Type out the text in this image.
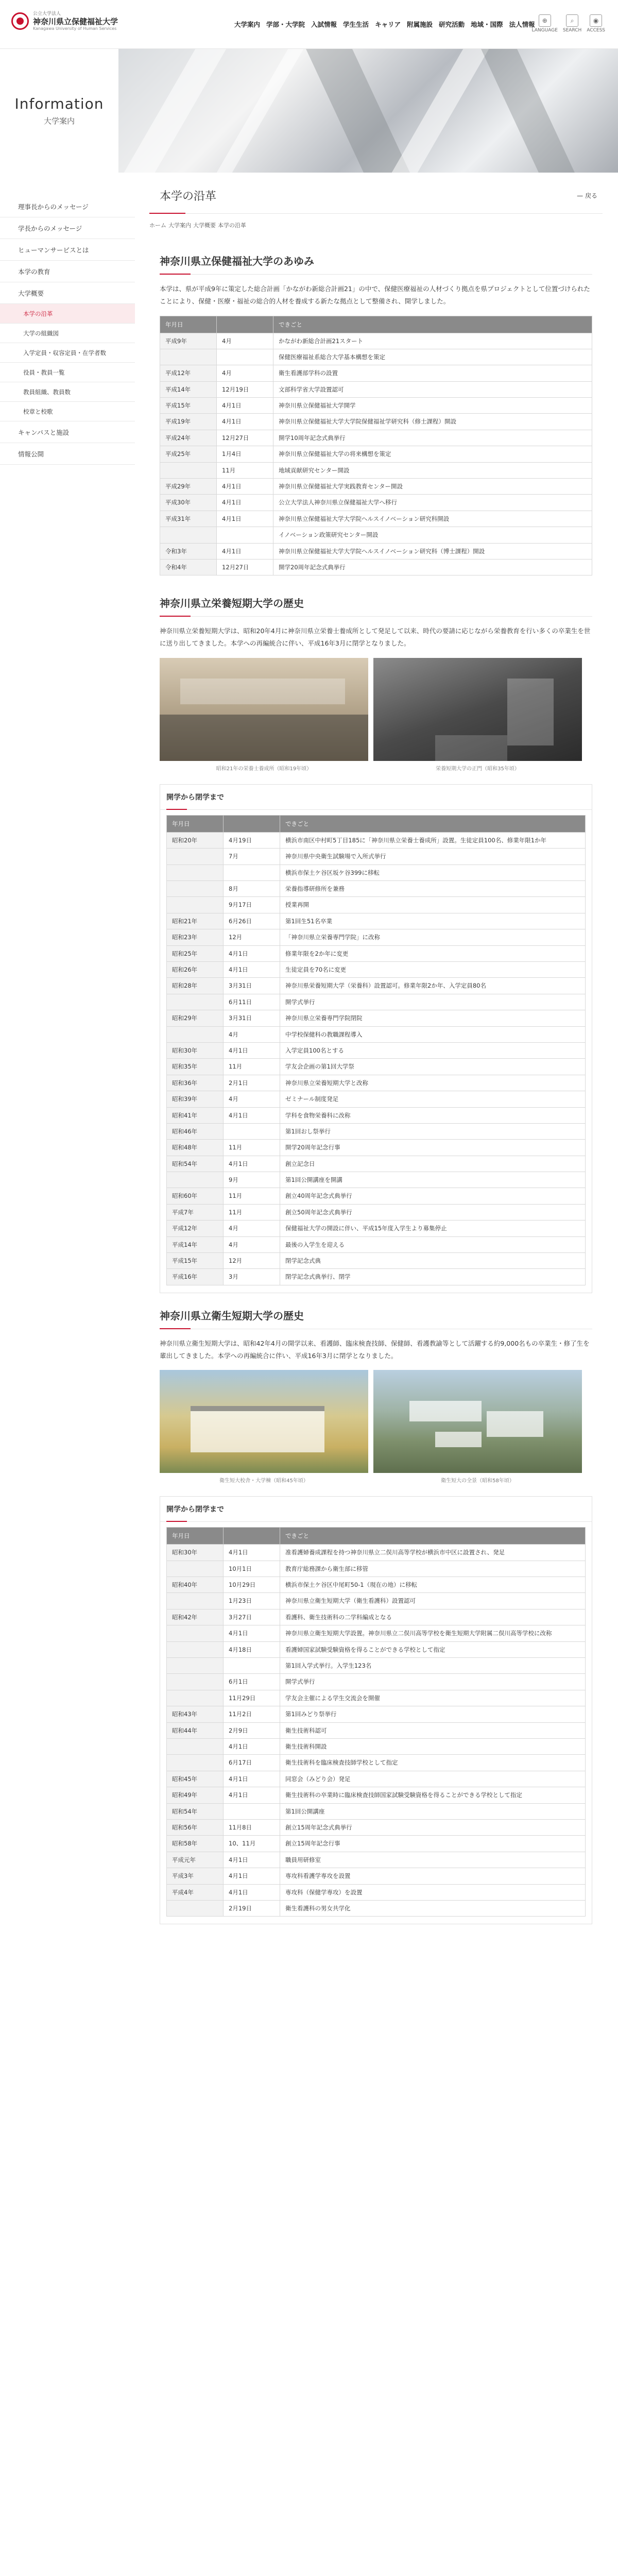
公立大学法人
神奈川県立保健福祉大学
Kanagawa University of Human Services
大学案内 学部・大学院 入試情報 学生生活 キャリア 附属施設 研究活動 地域・国際 法人情報	⊕
LANGUAGE
⌕
SEARCH
◉
ACCESS
Information
大学案内
理事長からのメッセージ
学長からのメッセージ
ヒューマンサービスとは
本学の教育
大学概要
本学の沿革
大学の組織図
入学定員・収容定員・在学者数
役員・教員一覧
教員組織、教員数
校章と校歌
キャンパスと施設
情報公開
本学の沿革	— 戻る
ホーム 大学案内 大学概要 本学の沿革
神奈川県立保健福祉大学のあゆみ

本学は、県が平成9年に策定した総合計画「かながわ新総合計画21」の中で、保健医療福祉の人材づくり拠点を県プロジェクトとして位置づけられたことにより、保健・医療・福祉の総合的人材を養成する新たな拠点として整備され、開学しました。

年月日		できごと
平成9年	4月	かながわ新総合計画21スタート
		保健医療福祉系総合大学基本構想を策定
平成12年	4月	衛生看護部学科の設置
平成14年	12月19日	文部科学省大学設置認可
平成15年	4月1日	神奈川県立保健福祉大学開学
平成19年	4月1日	神奈川県立保健福祉大学大学院保健福祉学研究科（修士課程）開設
平成24年	12月27日	開学10周年記念式典挙行
平成25年	1月4日	神奈川県立保健福祉大学の将来構想を策定
	11月	地域貢献研究センター開設
平成29年	4月1日	神奈川県立保健福祉大学実践教育センター開設
平成30年	4月1日	公立大学法人神奈川県立保健福祉大学へ移行
平成31年	4月1日	神奈川県立保健福祉大学大学院ヘルスイノベーション研究科開設
		イノベーション政策研究センター開設
令和3年	4月1日	神奈川県立保健福祉大学大学院ヘルスイノベーション研究科（博士課程）開設
令和4年	12月27日	開学20周年記念式典挙行
神奈川県立栄養短期大学の歴史

神奈川県立栄養短期大学は、昭和20年4月に神奈川県立栄養士養成所として発足して以来、時代の要請に応じながら栄養教育を行い多くの卒業生を世に送り出してきました。本学への再編統合に伴い、平成16年3月に閉学となりました。

昭和21年の栄養士養成所（昭和19年頃）	栄養短期大学の正門（昭和35年頃）
開学から閉学まで
年月日		できごと
昭和20年	4月19日	横浜市南区中村町5丁目185に「神奈川県立栄養士養成所」設置。生徒定員100名、修業年限1か年
	7月	神奈川県中央衛生試験場で入所式挙行
		横浜市保土ケ谷区坂ケ谷399に移転
	8月	栄養指導研修所を兼務
	9月17日	授業再開
昭和21年	6月26日	第1回生51名卒業
昭和23年	12月	「神奈川県立栄養専門学院」に改称
昭和25年	4月1日	修業年限を2か年に変更
昭和26年	4月1日	生徒定員を70名に変更
昭和28年	3月31日	神奈川県栄養短期大学（栄養科）設置認可。修業年限2か年、入学定員80名
	6月11日	開学式挙行
昭和29年	3月31日	神奈川県立栄養専門学院閉院
	4月	中学校保健科の教職課程導入
昭和30年	4月1日	入学定員100名とする
昭和35年	11月	学友会企画の第1回大学祭
昭和36年	2月1日	神奈川県立栄養短期大学と改称
昭和39年	4月	ゼミナール制度発足
昭和41年	4月1日	学科を食物栄養科に改称
昭和46年		第1回おし祭挙行
昭和48年	11月	開学20周年記念行事
昭和54年	4月1日	創立記念日
	9月	第1回公開講座を開講
昭和60年	11月	創立40周年記念式典挙行
平成7年	11月	創立50周年記念式典挙行
平成12年	4月	保健福祉大学の開設に伴い、平成15年度入学生より募集停止
平成14年	4月	最後の入学生を迎える
平成15年	12月	閉学記念式典
平成16年	3月	閉学記念式典挙行、閉学
神奈川県立衛生短期大学の歴史

神奈川県立衛生短期大学は、昭和42年4月の開学以来、看護師、臨床検査技師、保健師、看護教諭等として活躍する約9,000名もの卒業生・修了生を輩出してきました。本学への再編統合に伴い、平成16年3月に閉学となりました。

衛生短大校舎・大学棟（昭和45年頃）	衛生短大の全景（昭和58年頃）
開学から閉学まで
年月日		できごと
昭和30年	4月1日	准看護婦養成課程を持つ神奈川県立二俣川高等学校が横浜市中区に設置され、発足
	10月1日	教育庁総務課から衛生部に移管
昭和40年	10月29日	横浜市保土ケ谷区中尾町50-1（現在の地）に移転
	1月23日	神奈川県立衛生短期大学（衛生看護科）設置認可
昭和42年	3月27日	看護科、衛生技術科の二学科編成となる
	4月1日	神奈川県立衛生短期大学設置。神奈川県立二俣川高等学校を衛生短期大学附属二俣川高等学校に改称
	4月18日	看護婦国家試験受験資格を得ることができる学校として指定
		第1回入学式挙行。入学生123名
	6月1日	開学式挙行
	11月29日	学友会主催による学生交流会を開催
昭和43年	11月2日	第1回みどり祭挙行
昭和44年	2月9日	衛生技術科認可
	4月1日	衛生技術科開設
	6月17日	衛生技術科を臨床検査技師学校として指定
昭和45年	4月1日	同窓会（みどり会）発足
昭和49年	4月1日	衛生技術科の卒業時に臨床検査技師国家試験受験資格を得ることができる学校として指定
昭和54年		第1回公開講座
昭和56年	11月8日	創立15周年記念式典挙行
昭和58年	10、11月	創立15周年記念行事
平成元年	4月1日	職員用研修室
平成3年	4月1日	専攻科看護学専攻を設置
平成4年	4月1日	専攻科（保健学専攻）を設置
	2月19日	衛生看護科の男女共学化
